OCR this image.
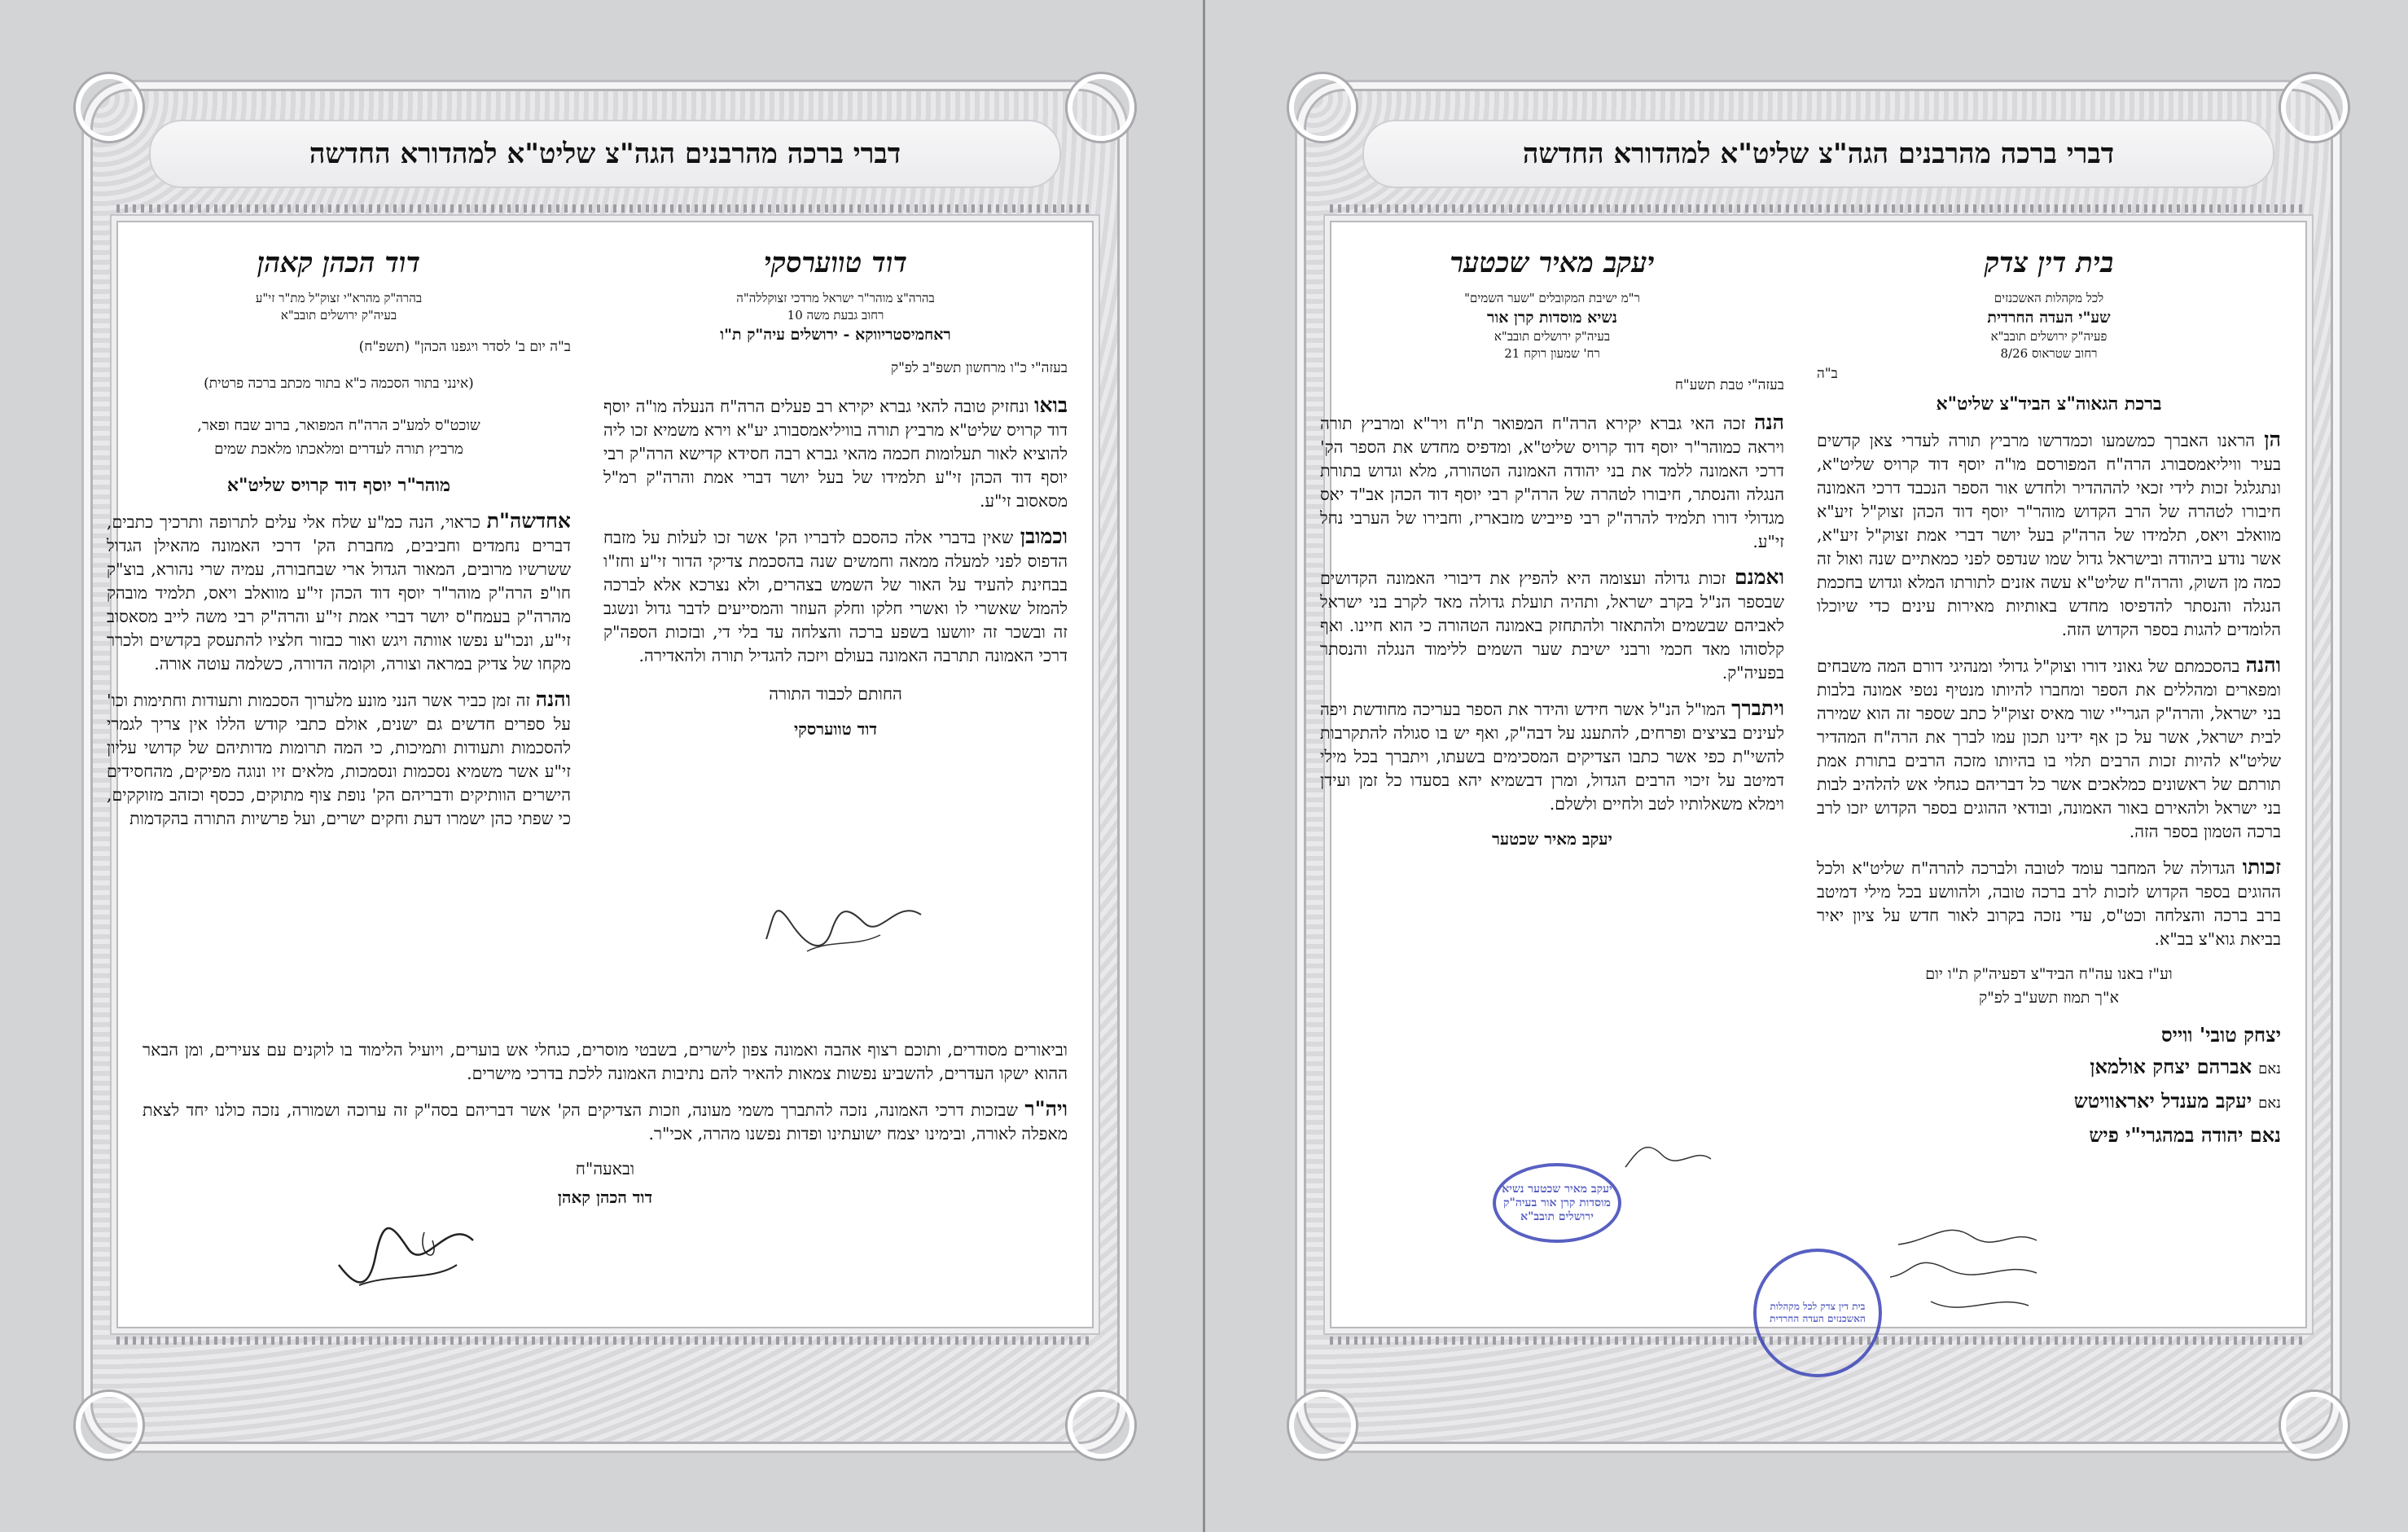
דברי ברכה מהרבנים הגה"צ שליט"א למהדורא החדשה
דוד טווערסקי
בהרה"צ מוהר"ר ישראל מרדכי זצוקללה"ה
רחוב גבעת משה 10
ראחמיסטריווקא - ירושלים עיה"ק ת"ו
בעזה"י כ"ו מרחשון תשפ"ב לפ"ק

בואו ונחזיק טובה להאי גברא יקירא רב פעלים הרה"ח הנעלה מו"ה יוסף דוד קרויס שליט"א מרביץ תורה בוויליאמסבורג יע"א וירא משמיא זכו ליה להוציא לאור תעלומות חכמה מהאי גברא רבה חסידא קדישא הרה"ק רבי יוסף דוד הכהן זי"ע תלמידו של בעל יושר דברי אמת והרה"ק רמ"ל מסאסוב זי"ע.

וכמובן שאין בדברי אלה כהסכם לדבריו הק' אשר זכו לעלות על מזבח הדפוס לפני למעלה ממאה וחמשים שנה בהסכמת צדיקי הדור זי"ע וחז"ו בבחינת להעיד על האור של השמש בצהרים, ולא נצרכא אלא לברכה להמזל שאשרי לו ואשרי חלקו וחלק העוזר והמסייעים לדבר גדול ונשגב זה ובשכר זה יוושעו בשפע ברכה והצלחה עד בלי די, ובזכות הספה"ק דרכי האמונה תתרבה האמונה בעולם ויזכה להגדיל תורה ולהאדירה.

החותם לכבוד התורה
דוד טווערסקי
דוד הכהן קאהן
בהרה"ק מהרא"י זצוק"ל מת"ר זי"ע
בעיה"ק ירושלים תובב"א
ב"ה יום ב' לסדר ויגפנו הכהן" (תשפ"ח)
(אינני בתור הסכמה כ"א בתור מכתב ברכה פרטית)
שוכט"ס למע"כ הרה"ח המפואר, ברוב שבח ופאר,
מרביץ תורה לעדרים ומלאכתו מלאכת שמים
מוהר"ר יוסף דוד קרויס שליט"א

אחדשה"ת כראוי, הנה כמ"ע שלח אלי עלים לתרופה ותרכיך כתבים, דברים נחמדים וחביבים, מחברת הק' דרכי האמונה מהאילן הגדול ששרשיו מרובים, המאור הגדול ארי שבחבורה, עמיה שרי נהורא, בוצ"ק חו"פ הרה"ק מוהר"ר יוסף דוד הכהן זי"ע מוואלב ויאס, תלמיד מובהק מהרה"ק בעמח"ס יושר דברי אמת זי"ע והרה"ק רבי משה לייב מסאסוב זי"ע, ונכו"ע נפשו אוותה ויגש ואור כבזור חלציו להתעסק בקדשים ולכרר מקחו של צדיק במראה וצורה, וקומה הדורה, כשלמה עוטה אורה.

והנה זה זמן כביר אשר הנני מונע מלערוך הסכמות ותעודות וחתימות וכו' על ספרים חדשים גם ישנים, אולם כתבי קודש הללו אין צריך לגמרי להסכמות ותעודות ותמיכות, כי המה תרומות מדותיהם של קדושי עליון זי"ע אשר משמיא נסכמות ונסמכות, מלאים זיו ונוגה מפיקים, מהחסידים הישרים הוותיקים ודבריהם הק' נופת צוף מתוקים, ככסף וכזהב מזוקקים, כי שפתי כהן ישמרו דעת וחקים ישרים, ועל פרשיות התורה בהקדמות

וביאורים מסודרים, ותוכם רצוף אהבה ואמונה צפון לישרים, בשבטי מוסרים, כגחלי אש בוערים, ויועיל הלימוד בו לוקנים עם צעירים, ומן הבאר ההוא ישקו העדרים, להשביע נפשות צמאות להאיר להם נתיבות האמונה ללכת בדרכי מישרים.

ויה"ר שבזכות דרכי האמונה, נזכה להתברך משמי מעונה, וזכות הצדיקים הק' אשר דבריהם בסה"ק זה ערוכה ושמורה, נזכה כולנו יחד לצאת מאפלה לאורה, ובימינו יצמח ישועתינו ופדות נפשנו מהרה, אכי"ר.

ובאעה"ח
דוד הכהן קאהן
דברי ברכה מהרבנים הגה"צ שליט"א למהדורא החדשה
בית דין צדק
לכל מקהלות האשכנזים
שע"י העדה החרדית
פעיה"ק ירושלים תובב"א
רחוב שטראוס 8/26
ב"ה
ברכת הגאוה"צ הביד"צ שליט"א

הן הראנו האברך כמשמעו וכמדרשו מרביץ תורה לעדרי צאן קדשים בעיר וויליאמסבורג הרה"ח המפורסם מו"ה יוסף דוד קרויס שליט"א, ונתגלגל זכות לידי זכאי להההדיר ולחדש אור הספר הנכבד דרכי האמונה חיבורו לטהרה של הרב הקדוש מוהר"ר יוסף דוד הכהן זצוק"ל זיע"א מוואלב ויאס, תלמידו של הרה"ק בעל יושר דברי אמת זצוק"ל זיע"א, אשר נודע ביהודה ובישראל גדול שמו שנדפס לפני כמאתיים שנה ואול זה כמה מן השוק, והרה"ח שליט"א עשה אזנים לתורתו המלא וגדוש בחכמת הנגלה והנסתר להדפיסו מחדש באותיות מאירות עינים כדי שיוכלו הלומדים להגות בספר הקדוש הזה.

והנה בהסכמתם של גאוני דורו וצוק"ל גדולי ומנהיגי דורם המה משבחים ומפארים ומהללים את הספר ומחברו להיותו מנטיף נטפי אמונה בלבות בני ישראל, והרה"ק הגרי"י שור מאיס זצוק"ל כתב שספר זה הוא שמירה לבית ישראל, אשר על כן אף ידינו תכון עמו לברך את הרה"ח המהדיר שליט"א להיות זכות הרבים תלוי בו בהיותו מזכה הרבים בתורת אמת תורתם של ראשונים כמלאכים אשר כל דבריהם כגחלי אש להלהיב לבות בני ישראל ולהאירם באור האמונה, ובודאי ההוגים בספר הקדוש יזכו לרב ברכה הטמון בספר הזה.

זכותו הגדולה של המחבר עומד לטובה ולברכה להרה"ח שליט"א ולכל ההוגים בספר הקדוש לזכות לרב ברכה טובה, ולהוושע בכל מילי דמיטב ברב ברכה והצלחה וכט"ס, עדי נזכה בקרוב לאור חדש על ציון יאיר בביאת גוא"צ בב"א.

וע"ז באנו עה"ח הביד"צ דפעיה"ק ת"ו יום
א"ך תמוז תשע"ב לפ"ק
יצחק טובי' ווייס
נאםאברהם יצחק אולמאן
נאםיעקב מענדל יאראוויטש
נאם יהודה במהגרי"י פיש
יעקב מאיר שכטער
ר"מ ישיבת המקובלים "שער השמים"
נשיא מוסדות קרן אור
בעיה"ק ירושלים תובב"א
רח' שמעון רוקח 21
בעזה"י טבת תשע"ח

הנה זכה האי גברא יקירא הרה"ח המפואר ת"ח ויר"א ומרביץ תורה ויראה כמוהר"ר יוסף דוד קרויס שליט"א, ומדפיס מחדש את הספר הק' דרכי האמונה ללמד את בני יהודה האמונה הטהורה, מלא וגדוש בתורת הנגלה והנסתר, חיבורו לטהרה של הרה"ק רבי יוסף דוד הכהן אב"ד יאס מגדולי דורו תלמיד להרה"ק רבי פייביש מזבאריז, וחבירו של הערבי נחל זי"ע.

ואמנם זכות גדולה ועצומה היא להפיץ את דיבורי האמונה הקדושים שבספר הנ"ל בקרב ישראל, ותהיה תועלת גדולה מאד לקרב בני ישראל לאביהם שבשמים ולהתאזר ולהתחזק באמונה הטהורה כי הוא חיינו. ואף קלסוהו מאד חכמי ורבני ישיבת שער השמים ללימוד הנגלה והנסתר בפעיה"ק.

ויתברך המו"ל הנ"ל אשר חידש והידר את הספר בעריכה מחודשת ויפה לעינים בציצים ופרחים, להתענג על דבה"ק, ואף יש בו סגולה להתקרבות להשי"ת כפי אשר כתבו הצדיקים המסכימים בשעתו, ויתברך בכל מילי דמיטב על זיכוי הרבים הגדול, ומרן דבשמיא יהא בסעדו כל זמן ועידן וימלא משאלותיו לטב ולחיים ולשלם.

יעקב מאיר שכטער
יעקב מאיר שכטער נשיא מוסדות קרן אור בעיה"ק ירושלים תובב"א
בית דין צדק לכל מקהלות האשכנזים העדה החרדית
